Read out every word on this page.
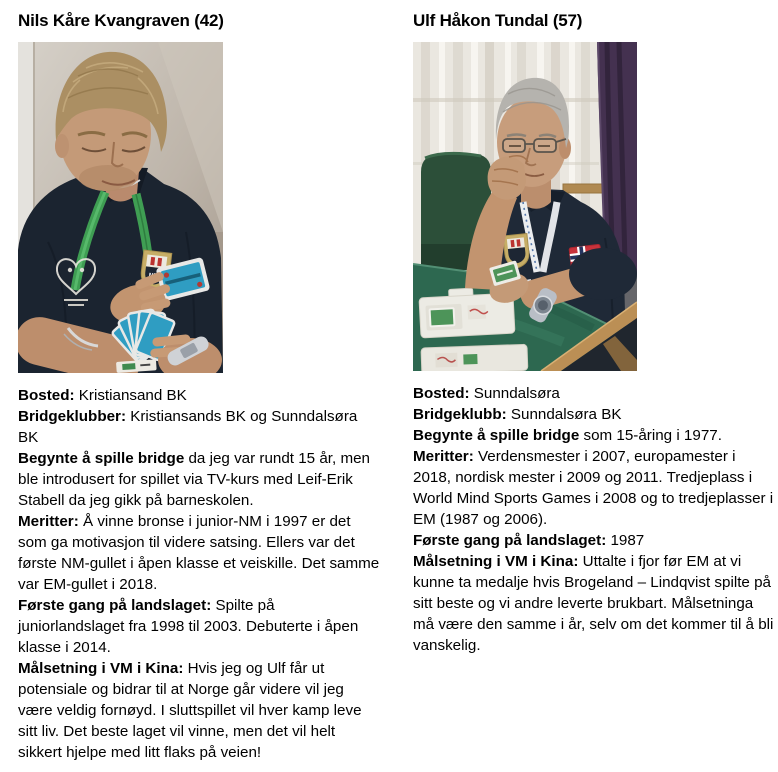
Nils Kåre Kvangraven (42)

Bosted: Kristiansand BK

Bridgeklubber: Kristiansands BK og Sunndalsøra BK

Begynte å spille bridge da jeg var rundt 15 år, men ble introdusert for spillet via TV-kurs med Leif-Erik Stabell da jeg gikk på barneskolen.

Meritter: Å vinne bronse i junior-NM i 1997 er det som ga motivasjon til videre satsing. Ellers var det første NM-gullet i åpen klasse et veiskille. Det samme var EM-gullet i 2018.

Første gang på landslaget: Spilte på juniorlandslaget fra 1998 til 2003. Debuterte i åpen klasse i 2014.

Målsetning i VM i Kina: Hvis jeg og Ulf får ut potensiale og bidrar til at Norge går videre vil jeg være veldig fornøyd. I sluttspillet vil hver kamp leve sitt liv. Det beste laget vil vinne, men det vil helt sikkert hjelpe med litt flaks på veien!

Ulf Håkon Tundal (57)

Bosted: Sunndalsøra

Bridgeklubb: Sunndalsøra BK

Begynte å spille bridge som 15-åring i 1977.

Meritter: Verdensmester i 2007, europamester i 2018, nordisk mester i 2009 og 2011. Tredjeplass i World Mind Sports Games i 2008 og to tredjeplasser i EM (1987 og 2006).

Første gang på landslaget: 1987

Målsetning i VM i Kina: Uttalte i fjor før EM at vi kunne ta medalje hvis Brogeland – Lindqvist spilte på sitt beste og vi andre leverte brukbart. Målsetninga må være den samme i år, selv om det kommer til å bli vanskelig.
